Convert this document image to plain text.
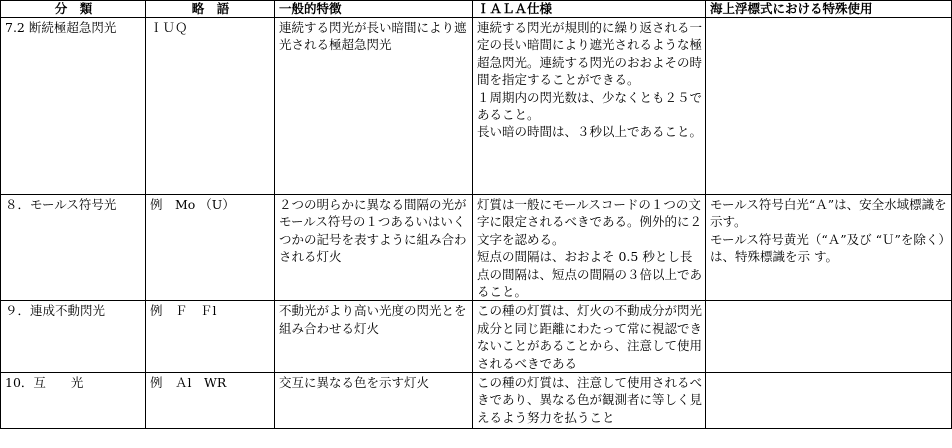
分　類	略　語	一般的特徴	ＩＡＬＡ仕様	海上浮標式における特殊使用
7.2 断続極超急閃光	ＩＵＱ	連続する閃光が長い暗間により遮光される極超急閃光	連続する閃光が規則的に繰り返される一定の長い暗間により遮光されるような極超急閃光。連続する閃光のおおよその時間を指定することができる。
１周期内の閃光数は、少なくとも２５であること。
長い暗の時間は、３秒以上であること。	

８．モールス符号光	例　Mo （U）	２つの明らかに異なる間隔の光がモールス符号の１つあるいはいくつかの記号を表すように組み合わされる灯火	灯質は一般にモールスコードの１つの文字に限定されるべきである。例外的に２文字を認める。
短点の間隔は、おおよそ 0.5 秒とし長点の間隔は、短点の間隔の３倍以上であること。	モールス符号白光“Ａ”は、安全水域標識を示す。
モールス符号黄光（“Ａ”及び “Ｕ”を除く）は、特殊標識を示 す。

９．連成不動閃光	例　Ｆ　Ｆl	不動光がより高い光度の閃光とを組み合わせる灯火	この種の灯質は、灯火の不動成分が閃光成分と同じ距離にわたって常に視認できないことがあることから、注意して使用されるべきである	

10．互　　光	例　Ａl　WR	交互に異なる色を示す灯火	この種の灯質は、注意して使用されるべきであり、異なる色が観測者に等しく見えるよう努力を払うこと	
